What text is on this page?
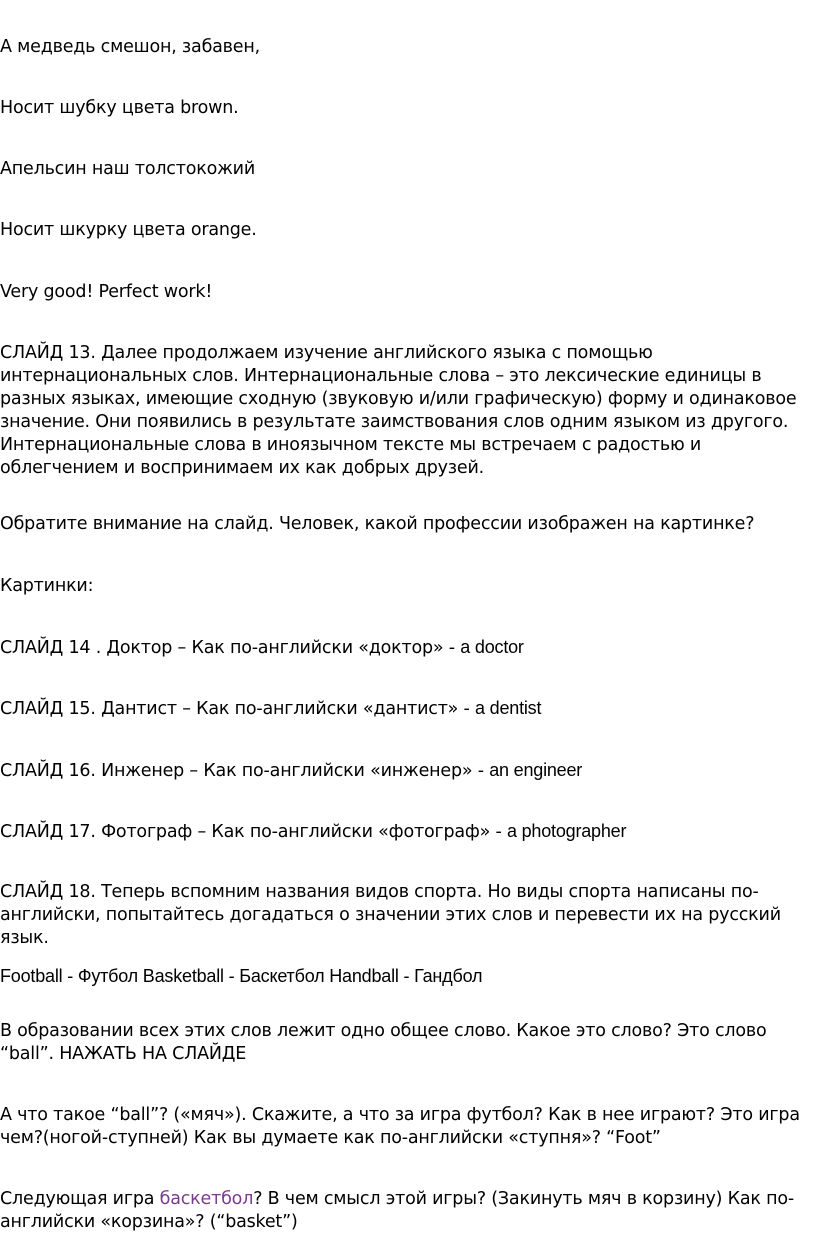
А медведь смешон, забавен,

Носит шубку цвета brown.

Апельсин наш толстокожий

Носит шкурку цвета orange.

Very good! Perfect work!

СЛАЙД 13. Далее продолжаем изучение английского языка с помощью интернациональных слов. Интернациональные слова – это лексические единицы в разных языках, имеющие сходную (звуковую и/или графическую) форму и одинаковое значение. Они появились в результате заимствования слов одним языком из другого. Интернациональные слова в иноязычном тексте мы встречаем с радостью и облегчением и воспринимаем их как добрых друзей.

Обратите внимание на слайд. Человек, какой профессии изображен на картинке?

Картинки:

СЛАЙД 14 . Доктор – Как по-английски «доктор» - a doctor

СЛАЙД 15. Дантист – Как по-английски «дантист» - a dentist

СЛАЙД 16. Инженер – Как по-английски «инженер» - an engineer

СЛАЙД 17. Фотограф – Как по-английски «фотограф» - a photographer

СЛАЙД 18. Теперь вспомним названия видов спорта. Но виды спорта написаны по-английски, попытайтесь догадаться о значении этих слов и перевести их на русский язык.

Football - Футбол Basketball - Баскетбол Handball - Гандбол

В образовании всех этих слов лежит одно общее слово. Какое это слово? Это слово “ball”. НАЖАТЬ НА СЛАЙДЕ

А что такое “ball”? («мяч»). Скажите, а что за игра футбол? Как в нее играют? Это игра чем?(ногой-ступней) Как вы думаете как по-английски «ступня»? “Foot”

Следующая игра баскетбол? В чем смысл этой игры? (Закинуть мяч в корзину) Как по-английски «корзина»? (“basket”)
